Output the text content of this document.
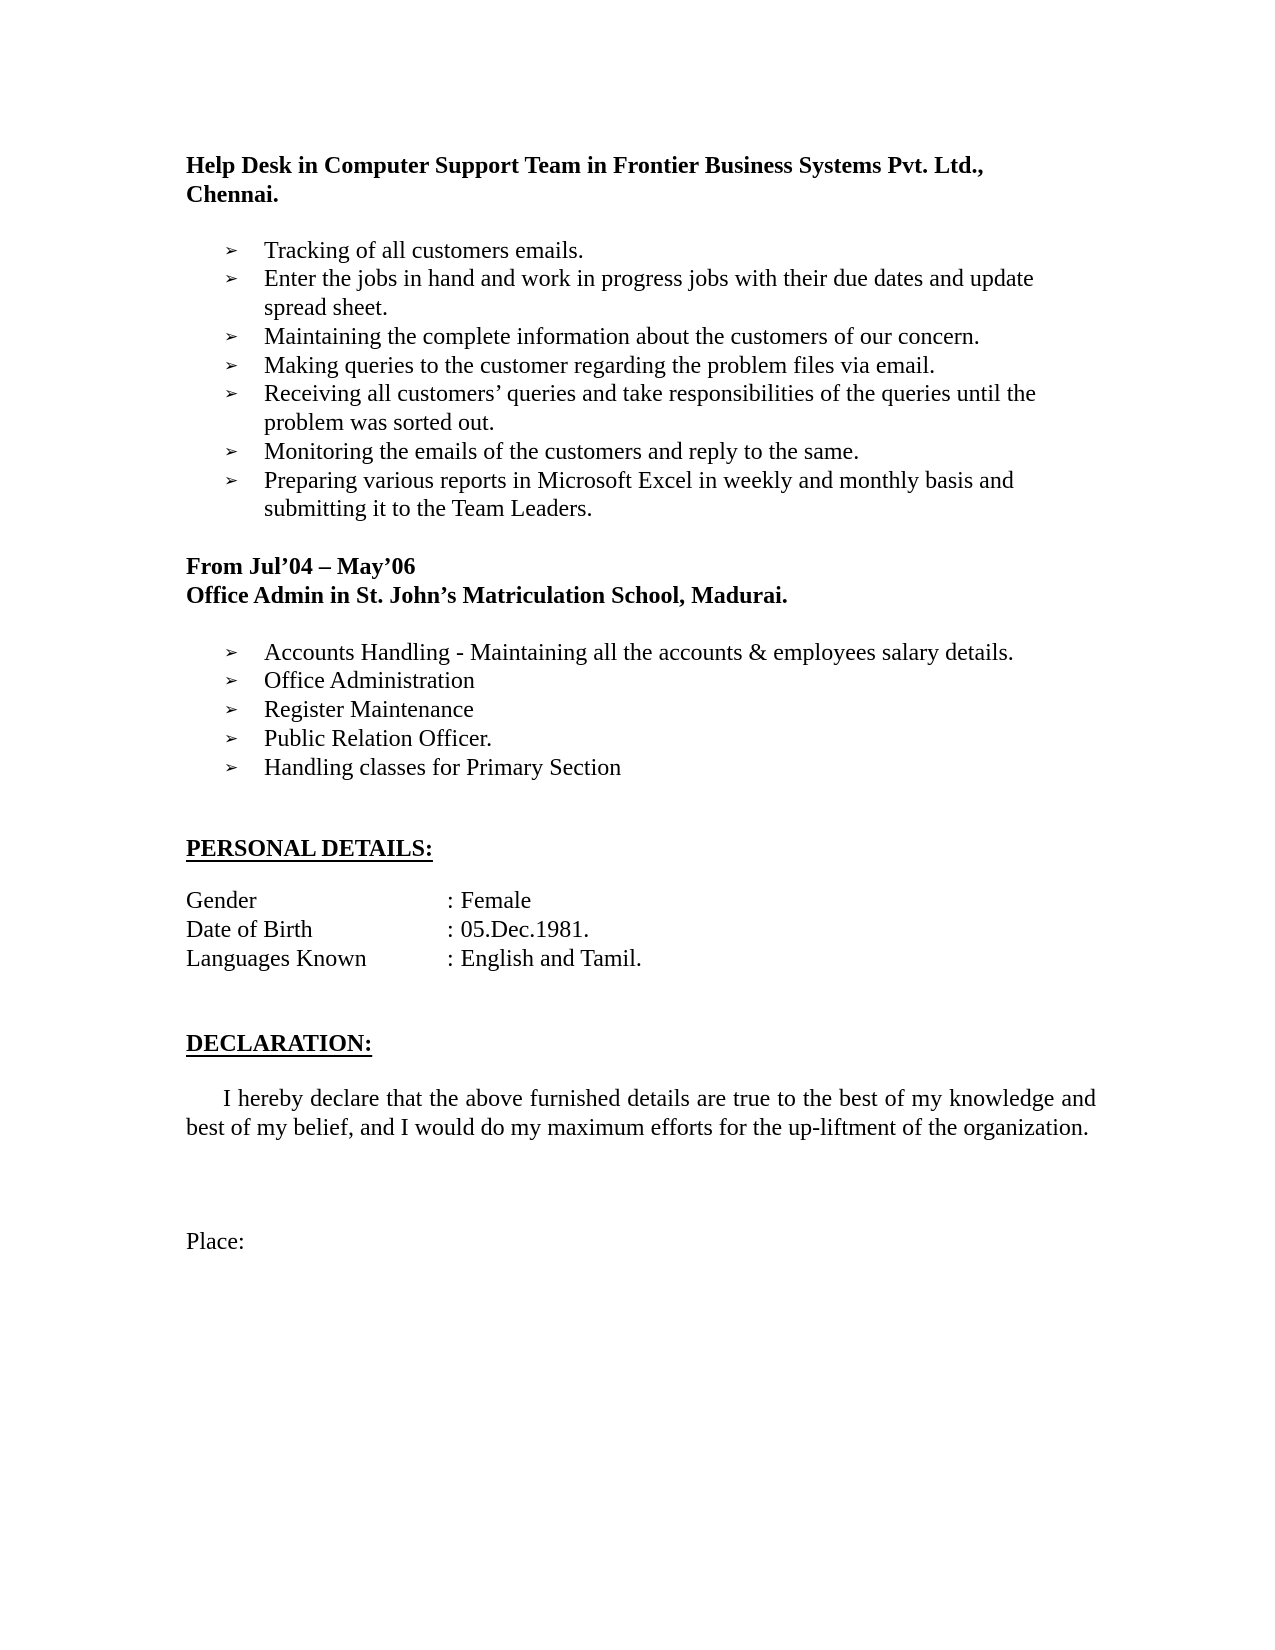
Help Desk in Computer Support Team in Frontier Business Systems Pvt. Ltd.,
Chennai.
➢ Tracking of all customers emails.
➢ Enter the jobs in hand and work in progress jobs with their due dates and update spread sheet.
➢ Maintaining the complete information about the customers of our concern.
➢ Making queries to the customer regarding the problem files via email.
➢ Receiving all customers’ queries and take responsibilities of the queries until the problem was sorted out.
➢ Monitoring the emails of the customers and reply to the same.
➢ Preparing various reports in Microsoft Excel in weekly and monthly basis and submitting it to the Team Leaders.
From Jul’04 – May’06
Office Admin in St. John’s Matriculation School, Madurai.
➢ Accounts Handling - Maintaining all the accounts & employees salary details.
➢ Office Administration
➢ Register Maintenance
➢ Public Relation Officer.
➢ Handling classes for Primary Section
PERSONAL DETAILS:
Gender	: Female
Date of Birth	: 05.Dec.1981.
Languages Known	: English and Tamil.
DECLARATION:

I hereby declare that the above furnished details are true to the best of my knowledge and best of my belief, and I would do my maximum efforts for the up-liftment of the organization.

Place:
